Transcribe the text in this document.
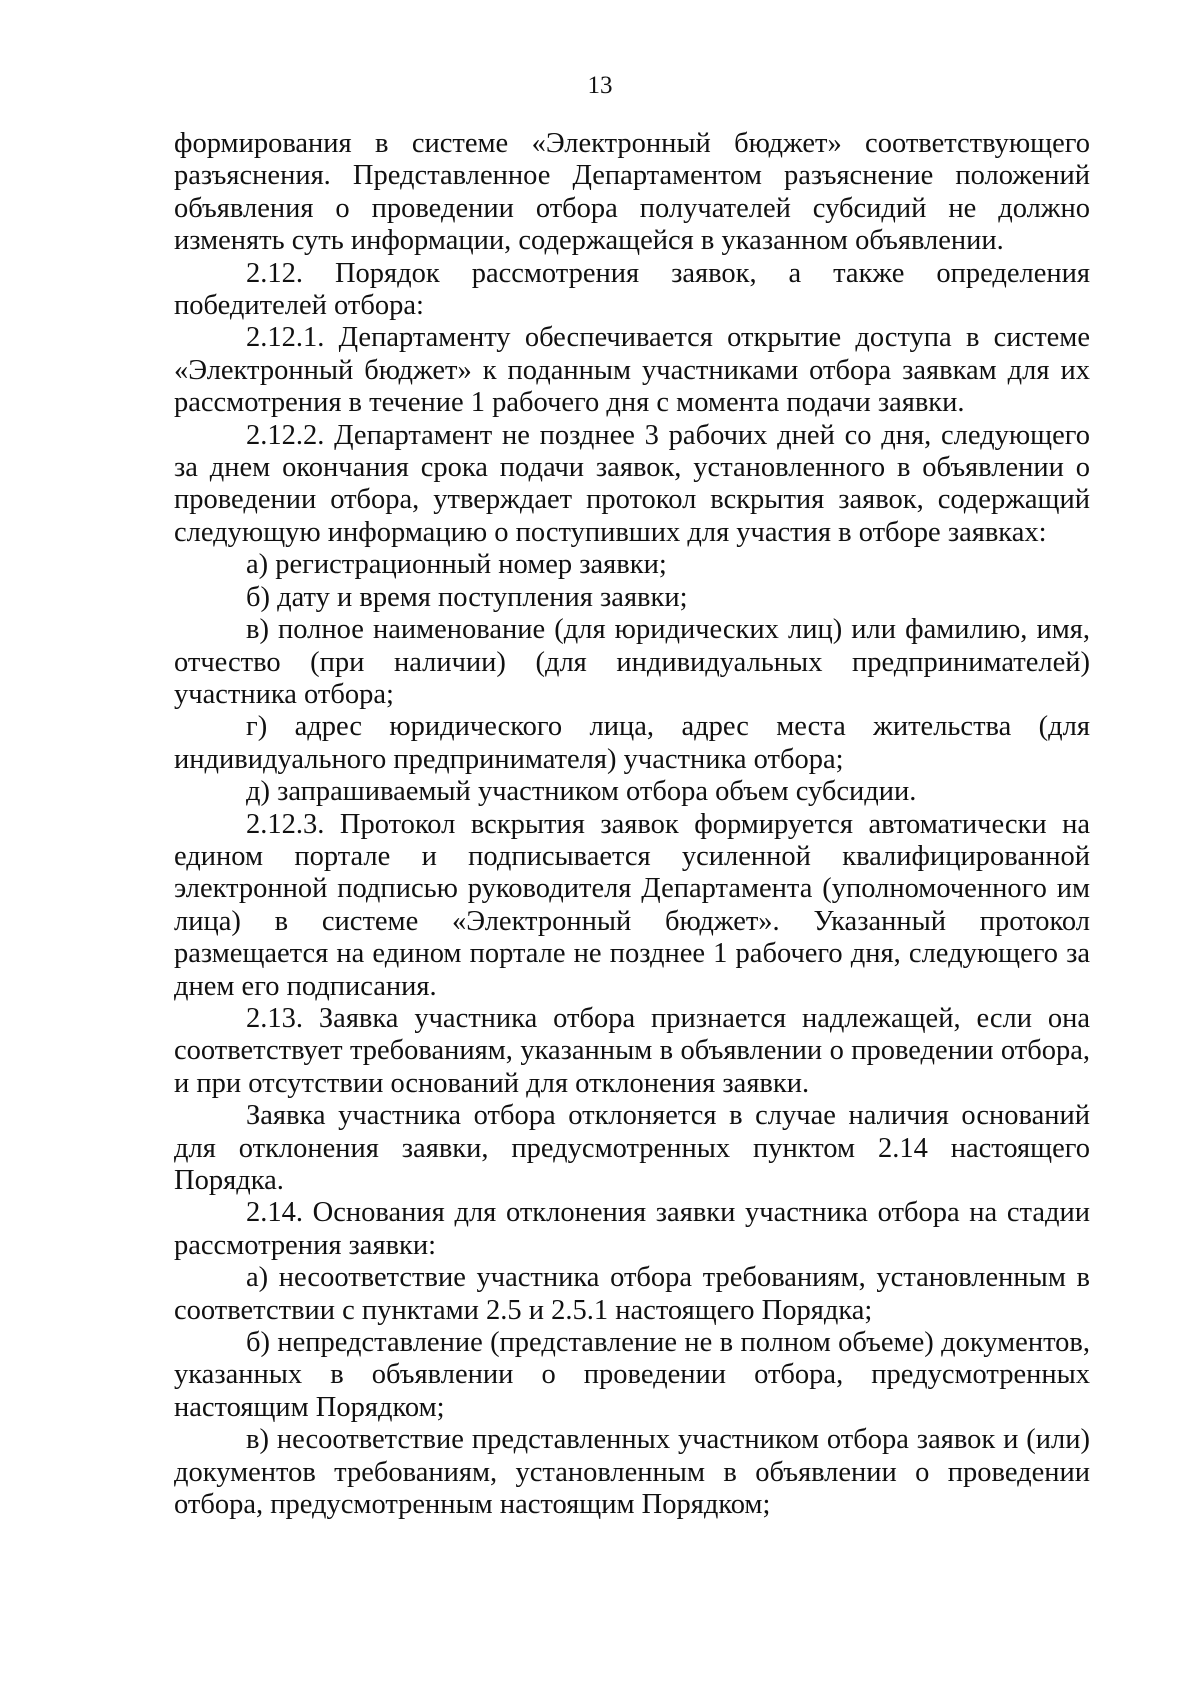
13

формирования в системе «Электронный бюджет» соответствующего разъяснения. Представленное Департаментом разъяснение положений объявления о проведении отбора получателей субсидий не должно изменять суть информации, содержащейся в указанном объявлении.

2.12. Порядок рассмотрения заявок, а также определения победителей отбора:

2.12.1. Департаменту обеспечивается открытие доступа в системе «Электронный бюджет» к поданным участниками отбора заявкам для их рассмотрения в течение 1 рабочего дня с момента подачи заявки.

2.12.2. Департамент не позднее 3 рабочих дней со дня, следующего за днем окончания срока подачи заявок, установленного в объявлении о проведении отбора, утверждает протокол вскрытия заявок, содержащий следующую информацию о поступивших для участия в отборе заявках:

а) регистрационный номер заявки;

б) дату и время поступления заявки;

в) полное наименование (для юридических лиц) или фамилию, имя, отчество (при наличии) (для индивидуальных предпринимателей) участника отбора;

г) адрес юридического лица, адрес места жительства (для индивидуального предпринимателя) участника отбора;

д) запрашиваемый участником отбора объем субсидии.

2.12.3. Протокол вскрытия заявок формируется автоматически на едином портале и подписывается усиленной квалифицированной электронной подписью руководителя Департамента (уполномоченного им лица) в системе «Электронный бюджет». Указанный протокол размещается на едином портале не позднее 1 рабочего дня, следующего за днем его подписания.

2.13. Заявка участника отбора признается надлежащей, если она соответствует требованиям, указанным в объявлении о проведении отбора, и при отсутствии оснований для отклонения заявки.

Заявка участника отбора отклоняется в случае наличия оснований для отклонения заявки, предусмотренных пунктом 2.14 настоящего Порядка.

2.14. Основания для отклонения заявки участника отбора на стадии рассмотрения заявки:

а) несоответствие участника отбора требованиям, установленным в соответствии с пунктами 2.5 и 2.5.1 настоящего Порядка;

б) непредставление (представление не в полном объеме) документов, указанных в объявлении о проведении отбора, предусмотренных настоящим Порядком;

в) несоответствие представленных участником отбора заявок и (или) документов требованиям, установленным в объявлении о проведении отбора, предусмотренным настоящим Порядком;
